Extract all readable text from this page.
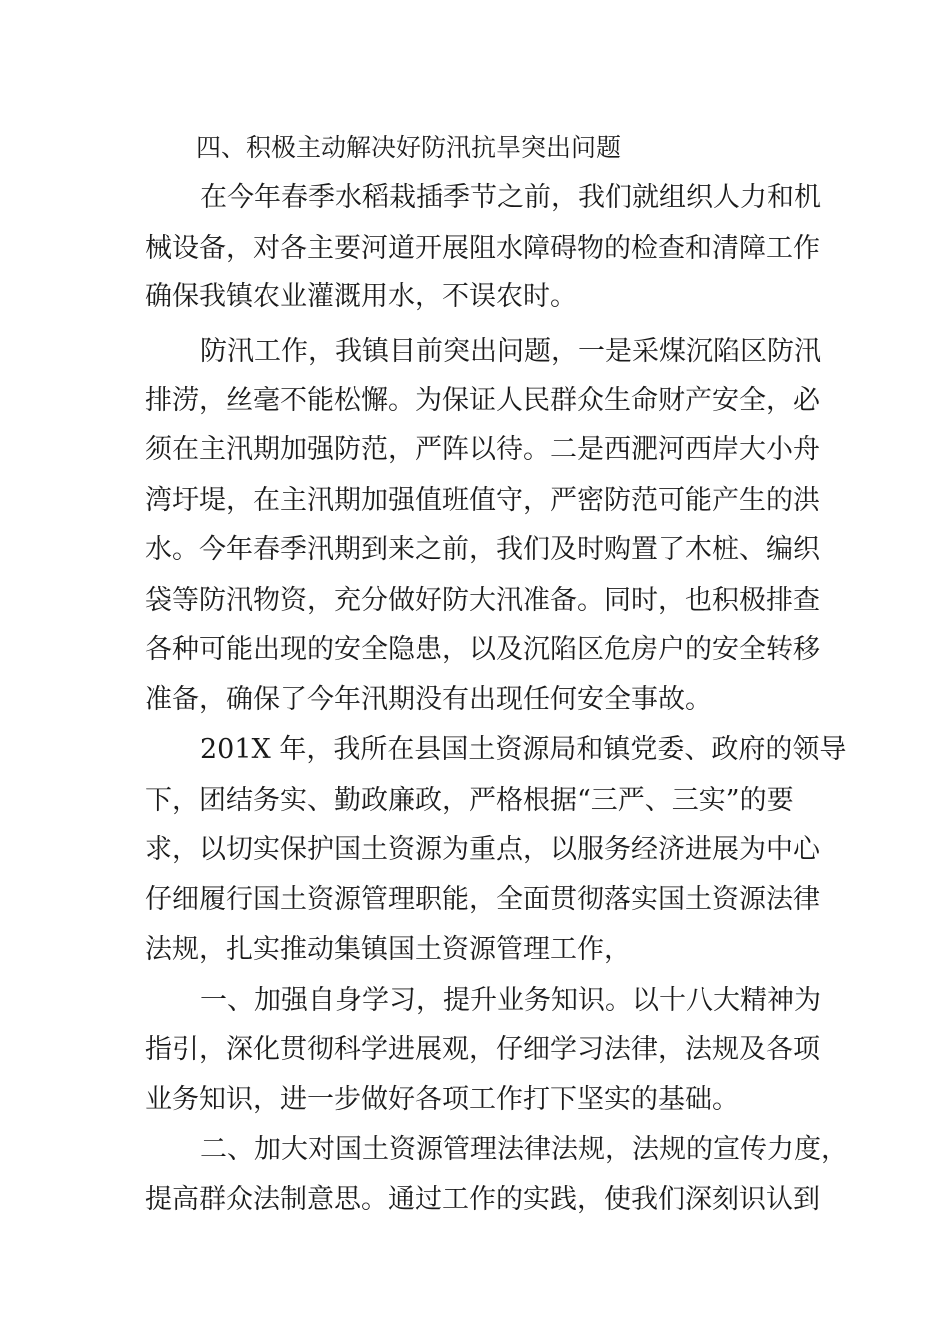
四、积极主动解决好防汛抗旱突出问题
在今年春季水稻栽插季节之前，我们就组织人力和机
械设备，对各主要河道开展阻水障碍物的检查和清障工作
确保我镇农业灌溉用水，不误农时。
防汛工作，我镇目前突出问题，一是采煤沉陷区防汛
排涝，丝毫不能松懈。为保证人民群众生命财产安全，必
须在主汛期加强防范，严阵以待。二是西淝河西岸大小舟
湾圩堤，在主汛期加强值班值守，严密防范可能产生的洪
水。今年春季汛期到来之前，我们及时购置了木桩、编织
袋等防汛物资，充分做好防大汛准备。同时，也积极排查
各种可能出现的安全隐患，以及沉陷区危房户的安全转移
准备，确保了今年汛期没有出现任何安全事故。
201X 年，我所在县国土资源局和镇党委、政府的领导
下，团结务实、勤政廉政，严格根据“三严、三实”的要
求，以切实保护国土资源为重点，以服务经济进展为中心
仔细履行国土资源管理职能，全面贯彻落实国土资源法律
法规，扎实推动集镇国土资源管理工作，
一、加强自身学习，提升业务知识。以十八大精神为
指引，深化贯彻科学进展观，仔细学习法律，法规及各项
业务知识，进一步做好各项工作打下坚实的基础。
二、加大对国土资源管理法律法规，法规的宣传力度，
提高群众法制意思。通过工作的实践，使我们深刻识认到
